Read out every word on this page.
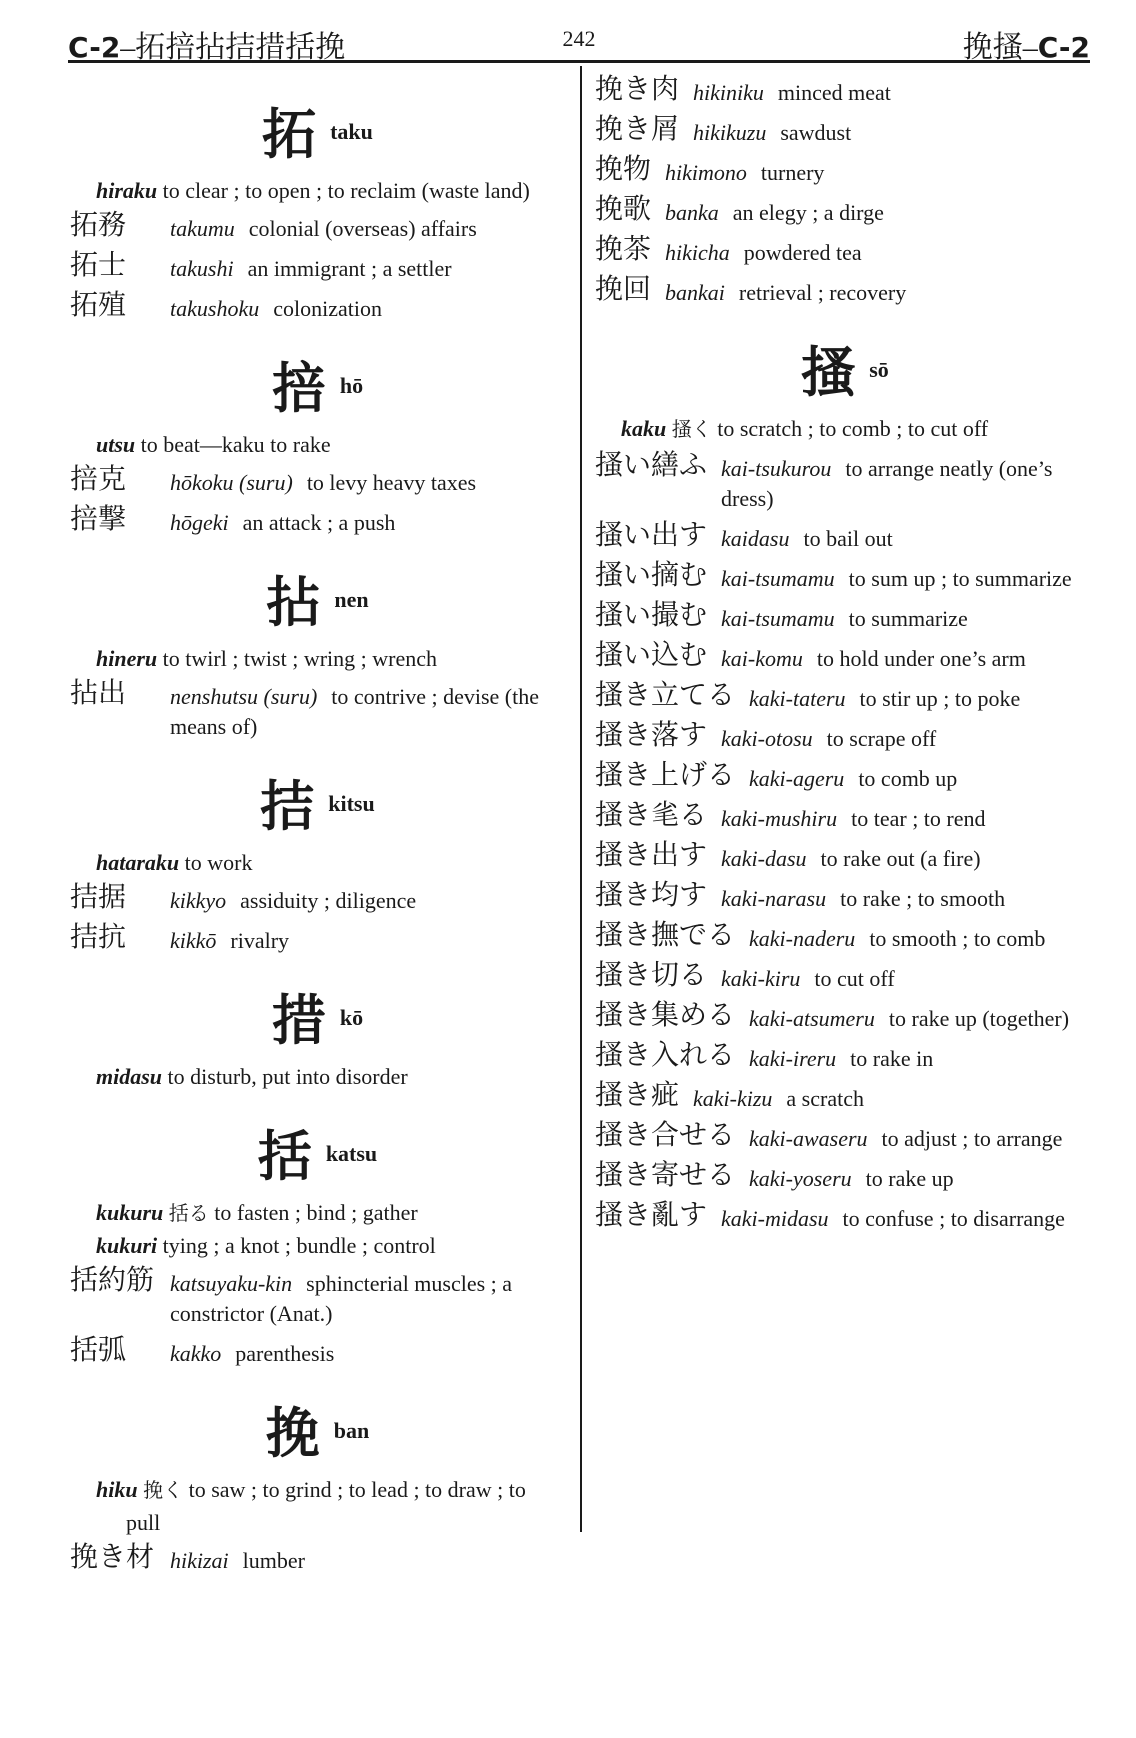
C-2–拓掊拈拮措括挽	242	挽搔–C-2
拓taku
hiraku to clear ; to open ; to reclaim (waste land)
拓務	takumu colonial (overseas) affairs
拓士	takushi an immigrant ; a settler
拓殖	takushoku colonization
掊hō
utsu to beat—kaku to rake
掊克	hōkoku (suru) to levy heavy taxes
掊撃	hōgeki an attack ; a push
拈nen
hineru to twirl ; twist ; wring ; wrench
拈出	nenshutsu (suru) to contrive ; devise (the means of)
拮kitsu
hataraku to work
拮据	kikkyo assiduity ; diligence
拮抗	kikkō rivalry
措kō
midasu to disturb, put into disorder
括katsu
kukuru 括る to fasten ; bind ; gather
kukuri tying ; a knot ; bundle ; control
括約筋 katsuyaku-kin sphincterial muscles ; a constrictor (Anat.)
括弧	kakko parenthesis
挽ban
hiku 挽く to saw ; to grind ; to lead ; to draw ; to pull
挽き材 hikizai lumber
挽き肉 hikiniku minced meat
挽き屑 hikikuzu sawdust
挽物 hikimono turnery
挽歌 banka an elegy ; a dirge
挽茶 hikicha powdered tea
挽回 bankai retrieval ; recovery
搔sō
kaku 搔く to scratch ; to comb ; to cut off
搔い繕ふ kai-tsukurou to arrange neatly (one’s dress)
搔い出す kaidasu to bail out
搔い摘む kai-tsumamu to sum up ; to summarize
搔い撮む kai-tsumamu to summarize
搔い込む kai-komu to hold under one’s arm
搔き立てる kaki-tateru to stir up ; to poke
搔き落す kaki-otosu to scrape off
搔き上げる kaki-ageru to comb up
搔き毟る kaki-mushiru to tear ; to rend
搔き出す kaki-dasu to rake out (a fire)
搔き均す kaki-narasu to rake ; to smooth
搔き撫でる kaki-naderu to smooth ; to comb
搔き切る kaki-kiru to cut off
搔き集める kaki-atsumeru to rake up (together)
搔き入れる kaki-ireru to rake in
搔き疵 kaki-kizu a scratch
搔き合せる kaki-awaseru to adjust ; to arrange
搔き寄せる kaki-yoseru to rake up
搔き亂す kaki-midasu to confuse ; to disarrange
